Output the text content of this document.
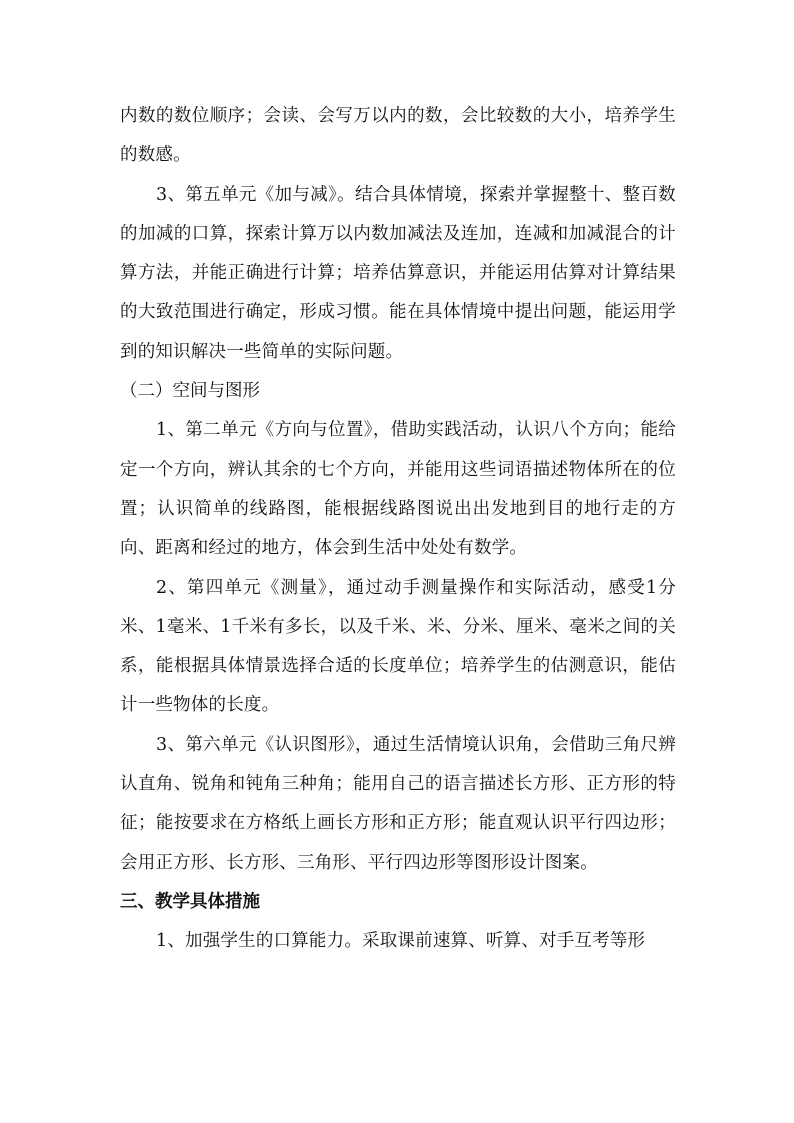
内数的数位顺序；会读、会写万以内的数，会比较数的大小，培养学生的数感。

3、第五单元《加与减》。结合具体情境，探索并掌握整十、整百数的加减的口算，探索计算万以内数加减法及连加，连减和加减混合的计算方法，并能正确进行计算；培养估算意识，并能运用估算对计算结果的大致范围进行确定，形成习惯。能在具体情境中提出问题，能运用学到的知识解决一些简单的实际问题。

（二）空间与图形

1、第二单元《方向与位置》，借助实践活动，认识八个方向；能给定一个方向，辨认其余的七个方向，并能用这些词语描述物体所在的位置；认识简单的线路图，能根据线路图说出出发地到目的地行走的方向、距离和经过的地方，体会到生活中处处有数学。

2、第四单元《测量》，通过动手测量操作和实际活动，感受1分米、1毫米、1千米有多长，以及千米、米、分米、厘米、毫米之间的关系，能根据具体情景选择合适的长度单位；培养学生的估测意识，能估计一些物体的长度。

3、第六单元《认识图形》，通过生活情境认识角，会借助三角尺辨认直角、锐角和钝角三种角；能用自己的语言描述长方形、正方形的特征；能按要求在方格纸上画长方形和正方形；能直观认识平行四边形；会用正方形、长方形、三角形、平行四边形等图形设计图案。

三、教学具体措施

1、加强学生的口算能力。采取课前速算、听算、对手互考等形
